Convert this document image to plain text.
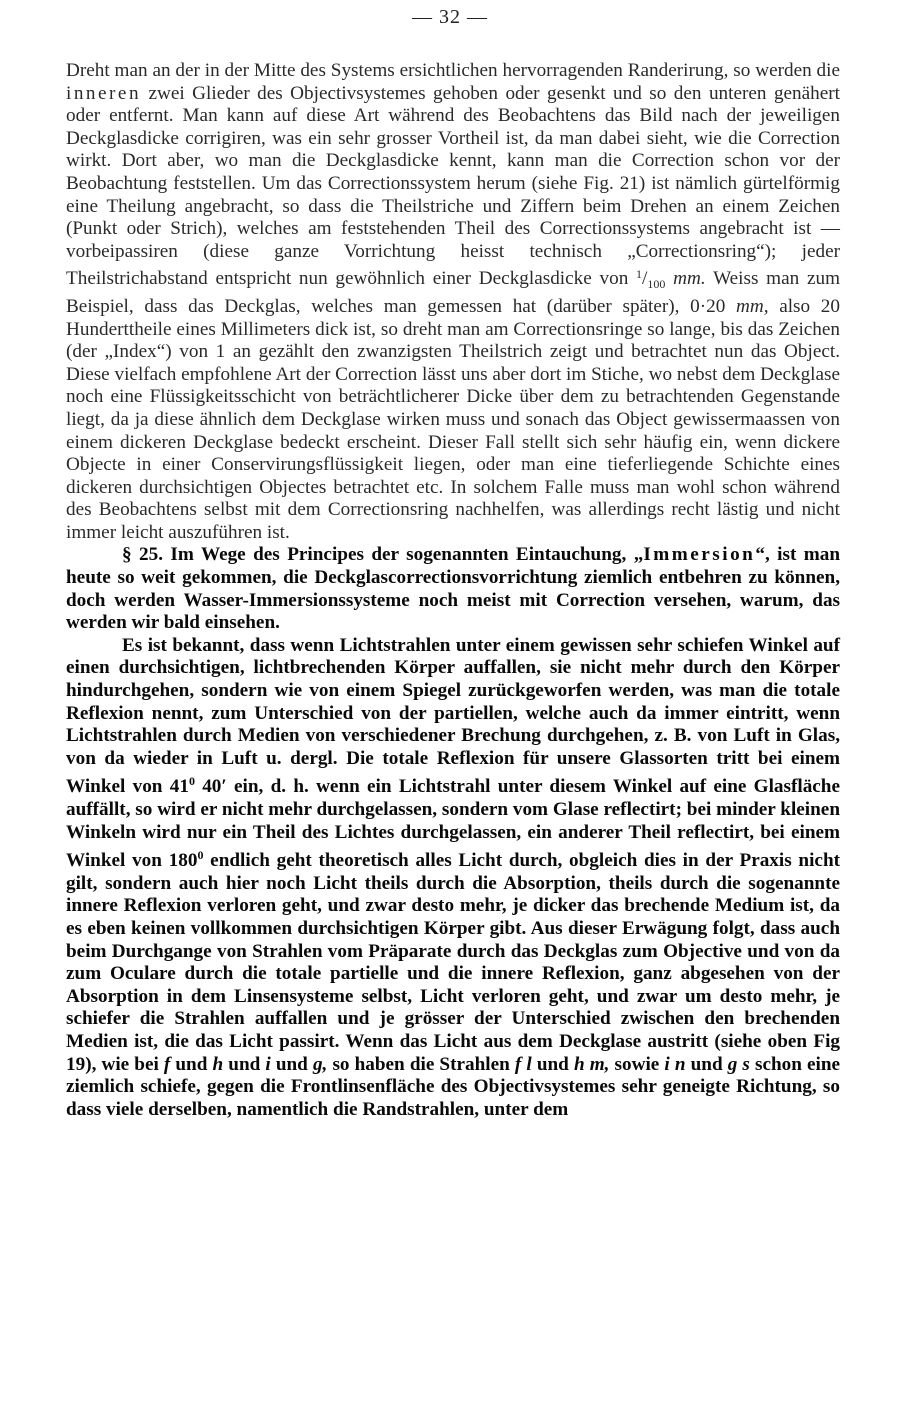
— 32 —

Dreht man an der in der Mitte des Systems ersichtlichen hervorragenden Randerirung, so werden die inneren zwei Glieder des Objectivsystemes gehoben oder gesenkt und so den unteren genähert oder entfernt. Man kann auf diese Art während des Beobachtens das Bild nach der jeweiligen Deckglasdicke corrigiren, was ein sehr grosser Vortheil ist, da man dabei sieht, wie die Correction wirkt. Dort aber, wo man die Deckglasdicke kennt, kann man die Correction schon vor der Beobachtung feststellen. Um das Correctionssystem herum (siehe Fig. 21) ist nämlich gürtelförmig eine Theilung angebracht, so dass die Theilstriche und Ziffern beim Drehen an einem Zeichen (Punkt oder Strich), welches am feststehenden Theil des Correctionssystems angebracht ist — vorbeipassiren (diese ganze Vorrichtung heisst technisch „Correctionsring“); jeder Theilstrichabstand entspricht nun gewöhnlich einer Deckglasdicke von $^1/_{100}$ mm. Weiss man zum Beispiel, dass das Deckglas, welches man gemessen hat (darüber später), 0·20 mm, also 20 Hunderttheile eines Millimeters dick ist, so dreht man am Correctionsringe so lange, bis das Zeichen (der „Index“) von 1 an gezählt den zwanzigsten Theilstrich zeigt und betrachtet nun das Object. Diese vielfach empfohlene Art der Correction lässt uns aber dort im Stiche, wo nebst dem Deckglase noch eine Flüssigkeitsschicht von beträchtlicherer Dicke über dem zu betrachtenden Gegenstande liegt, da ja diese ähnlich dem Deckglase wirken muss und sonach das Object gewissermaassen von einem dickeren Deckglase bedeckt erscheint. Dieser Fall stellt sich sehr häufig ein, wenn dickere Objecte in einer Conservirungsflüssigkeit liegen, oder man eine tieferliegende Schichte eines dickeren durchsichtigen Objectes betrachtet etc. In solchem Falle muss man wohl schon während des Beobachtens selbst mit dem Correctionsring nachhelfen, was allerdings recht lästig und nicht immer leicht auszuführen ist.

§ 25. Im Wege des Principes der sogenannten Eintauchung, „Immersion“, ist man heute so weit gekommen, die Deckglascorrectionsvorrichtung ziemlich entbehren zu können, doch werden Wasser-Immersionssysteme noch meist mit Correction versehen, warum, das werden wir bald einsehen.

Es ist bekannt, dass wenn Lichtstrahlen unter einem gewissen sehr schiefen Winkel auf einen durchsichtigen, lichtbrechenden Körper auffallen, sie nicht mehr durch den Körper hindurchgehen, sondern wie von einem Spiegel zurückgeworfen werden, was man die totale Reflexion nennt, zum Unterschied von der partiellen, welche auch da immer eintritt, wenn Lichtstrahlen durch Medien von verschiedener Brechung durchgehen, z. B. von Luft in Glas, von da wieder in Luft u. dergl. Die totale Reflexion für unsere Glassorten tritt bei einem Winkel von $41^0$ 40′ ein, d. h. wenn ein Lichtstrahl unter diesem Winkel auf eine Glasfläche auffällt, so wird er nicht mehr durchgelassen, sondern vom Glase reflectirt; bei minder kleinen Winkeln wird nur ein Theil des Lichtes durchgelassen, ein anderer Theil reflectirt, bei einem Winkel von $180^0$ endlich geht theoretisch alles Licht durch, obgleich dies in der Praxis nicht gilt, sondern auch hier noch Licht theils durch die Absorption, theils durch die sogenannte innere Reflexion verloren geht, und zwar desto mehr, je dicker das brechende Medium ist, da es eben keinen vollkommen durchsichtigen Körper gibt. Aus dieser Erwägung folgt, dass auch beim Durchgange von Strahlen vom Präparate durch das Deckglas zum Objective und von da zum Oculare durch die totale partielle und die innere Reflexion, ganz abgesehen von der Absorption in dem Linsensysteme selbst, Licht verloren geht, und zwar um desto mehr, je schiefer die Strahlen auffallen und je grösser der Unterschied zwischen den brechenden Medien ist, die das Licht passirt. Wenn das Licht aus dem Deckglase austritt (siehe oben Fig 19), wie bei f und h und i und g, so haben die Strahlen f l und h m, sowie i n und g s schon eine ziemlich schiefe, gegen die Frontlinsenfläche des Objectivsystemes sehr geneigte Richtung, so dass viele derselben, namentlich die Randstrahlen, unter dem
